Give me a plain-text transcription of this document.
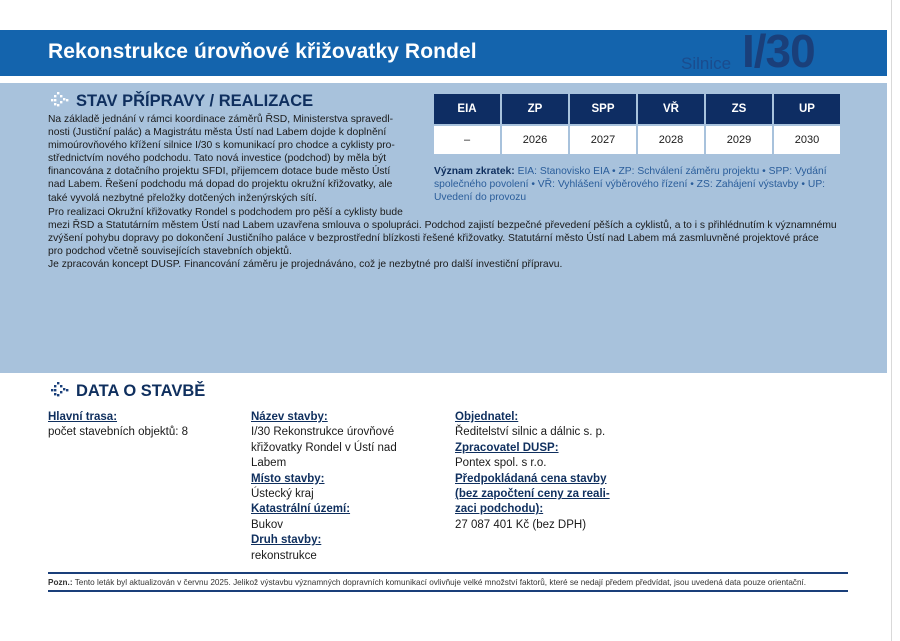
Rekonstrukce úrovňové křižovatky Rondel
Silnice I/30
STAV PŘÍPRAVY / REALIZACE
Na základě jednání v rámci koordinace záměrů ŘSD, Ministerstva spravedl-
nosti (Justiční palác) a Magistrátu města Ústí nad Labem dojde k doplnění
mimoúrovňového křížení silnice I/30 s komunikací pro chodce a cyklisty pro-
střednictvím nového podchodu. Tato nová investice (podchod) by měla být
financována z dotačního projektu SFDI, přijemcem dotace bude město Ústí
nad Labem. Řešení podchodu má dopad do projektu okružní křižovatky, ale
také vyvolá nezbytné přeložky dotčených inženýrských sítí.

Pro realizaci Okružní křižovatky Rondel s podchodem pro pěší a cyklisty bude

mezi ŘSD a Statutárním městem Ústí nad Labem uzavřena smlouva o spolupráci. Podchod zajistí bezpečné převedení pěších a cyklistů, a to i s přihlédnutím k významnému

zvýšení pohybu dopravy po dokončení Justičního paláce v bezprostřední blízkosti řešené křižovatky. Statutární město Ústí nad Labem má zasmluvněné projektové práce

pro podchod včetně souvisejících stavebních objektů.

Je zpracován koncept DUSP. Financování záměru je projednáváno, což je nezbytné pro další investiční přípravu.

EIA	ZP	SPP	VŘ	ZS	UP
–	2026	2027	2028	2029	2030
Význam zkratek: EIA: Stanovisko EIA • ZP: Schválení záměru projektu • SPP: Vydání společného povolení • VŘ: Vyhlášení výběrového řízení • ZS: Zahájení výstavby • UP: Uvedení do provozu
DATA O STAVBĚ
Hlavní trasa:
počet stavebních objektů: 8
Název stavby:
I/30 Rekonstrukce úrovňové
křižovatky Rondel v Ústí nad
Labem
Místo stavby:
Ústecký kraj
Katastrální území:
Bukov
Druh stavby:
rekonstrukce
Objednatel:
Ředitelství silnic a dálnic s. p.
Zpracovatel DUSP:
Pontex spol. s r.o.
Předpokládaná cena stavby
(bez započtení ceny za reali-
zaci podchodu):
27 087 401 Kč (bez DPH)
Pozn.: Tento leták byl aktualizován v červnu 2025. Jelikož výstavbu významných dopravních komunikací ovlivňuje velké množství faktorů, které se nedají předem předvídat, jsou uvedená data pouze orientační.
